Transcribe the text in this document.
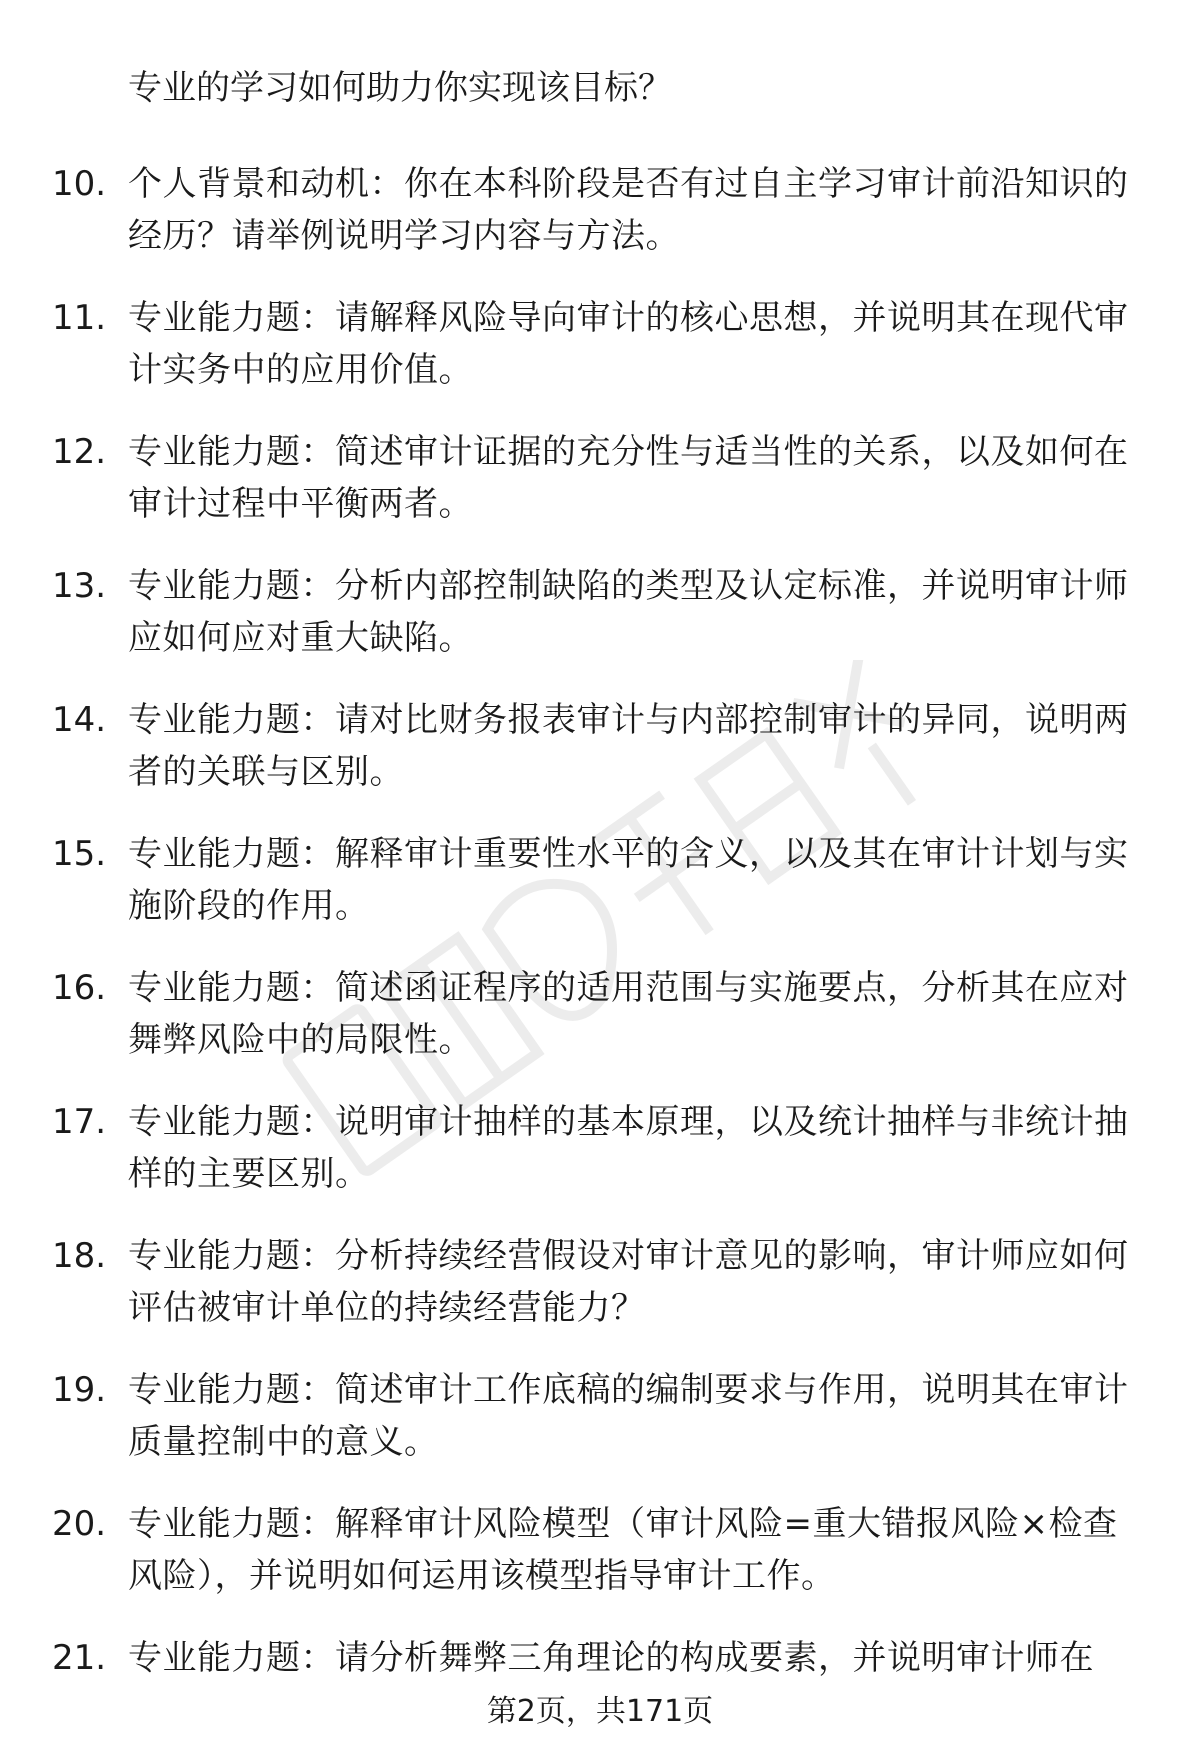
专业的学习如何助力你实现该目标？

10. 个人背景和动机：你在本科阶段是否有过自主学习审计前沿知识的经历？请举例说明学习内容与方法。
11. 专业能力题：请解释风险导向审计的核心思想，并说明其在现代审计实务中的应用价值。
12. 专业能力题：简述审计证据的充分性与适当性的关系，以及如何在审计过程中平衡两者。
13. 专业能力题：分析内部控制缺陷的类型及认定标准，并说明审计师应如何应对重大缺陷。
14. 专业能力题：请对比财务报表审计与内部控制审计的异同，说明两者的关联与区别。
15. 专业能力题：解释审计重要性水平的含义，以及其在审计计划与实施阶段的作用。
16. 专业能力题：简述函证程序的适用范围与实施要点，分析其在应对舞弊风险中的局限性。
17. 专业能力题：说明审计抽样的基本原理，以及统计抽样与非统计抽样的主要区别。
18. 专业能力题：分析持续经营假设对审计意见的影响，审计师应如何评估被审计单位的持续经营能力？
19. 专业能力题：简述审计工作底稿的编制要求与作用，说明其在审计质量控制中的意义。
20. 专业能力题：解释审计风险模型（审计风险=重大错报风险×检查风险），并说明如何运用该模型指导审计工作。
21. 专业能力题：请分析舞弊三角理论的构成要素，并说明审计师在
第2页，共171页
